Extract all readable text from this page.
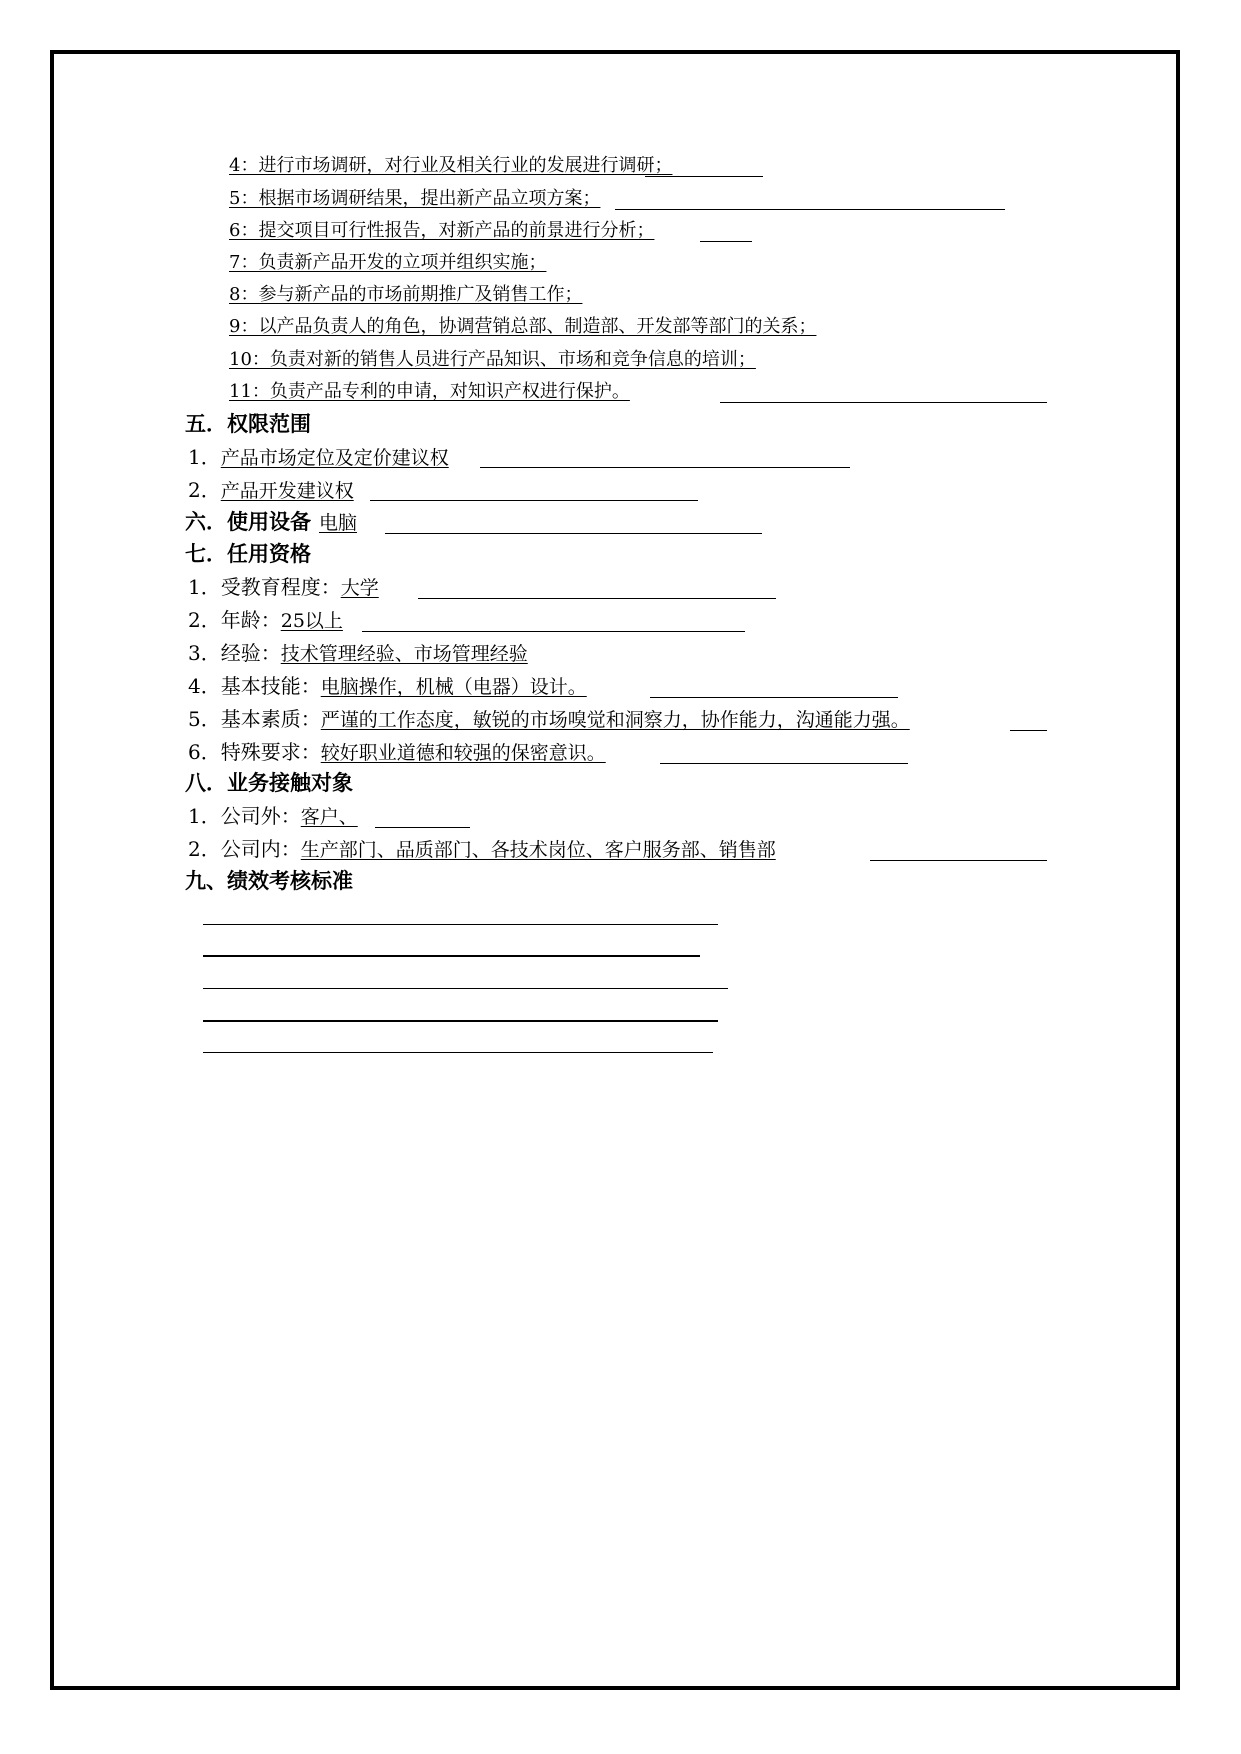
4：进行市场调研，对行业及相关行业的发展进行调研；
5：根据市场调研结果，提出新产品立项方案；
6：提交项目可行性报告，对新产品的前景进行分析；
7：负责新产品开发的立项并组织实施；
8：参与新产品的市场前期推广及销售工作；
9：以产品负责人的角色，协调营销总部、制造部、开发部等部门的关系；
10：负责对新的销售人员进行产品知识、市场和竞争信息的培训；
11：负责产品专利的申请，对知识产权进行保护。
五．权限范围
1．产品市场定位及定价建议权
2．产品开发建议权
六．使用设备 电脑
七．任用资格
1．受教育程度：大学
2．年龄：25以上
3．经验：技术管理经验、市场管理经验
4．基本技能：电脑操作，机械（电器）设计。
5．基本素质：严谨的工作态度，敏锐的市场嗅觉和洞察力，协作能力，沟通能力强。
6．特殊要求：较好职业道德和较强的保密意识。
八．业务接触对象
1．公司外：客户、
2．公司内：生产部门、品质部门、各技术岗位、客户服务部、销售部
九、绩效考核标准
